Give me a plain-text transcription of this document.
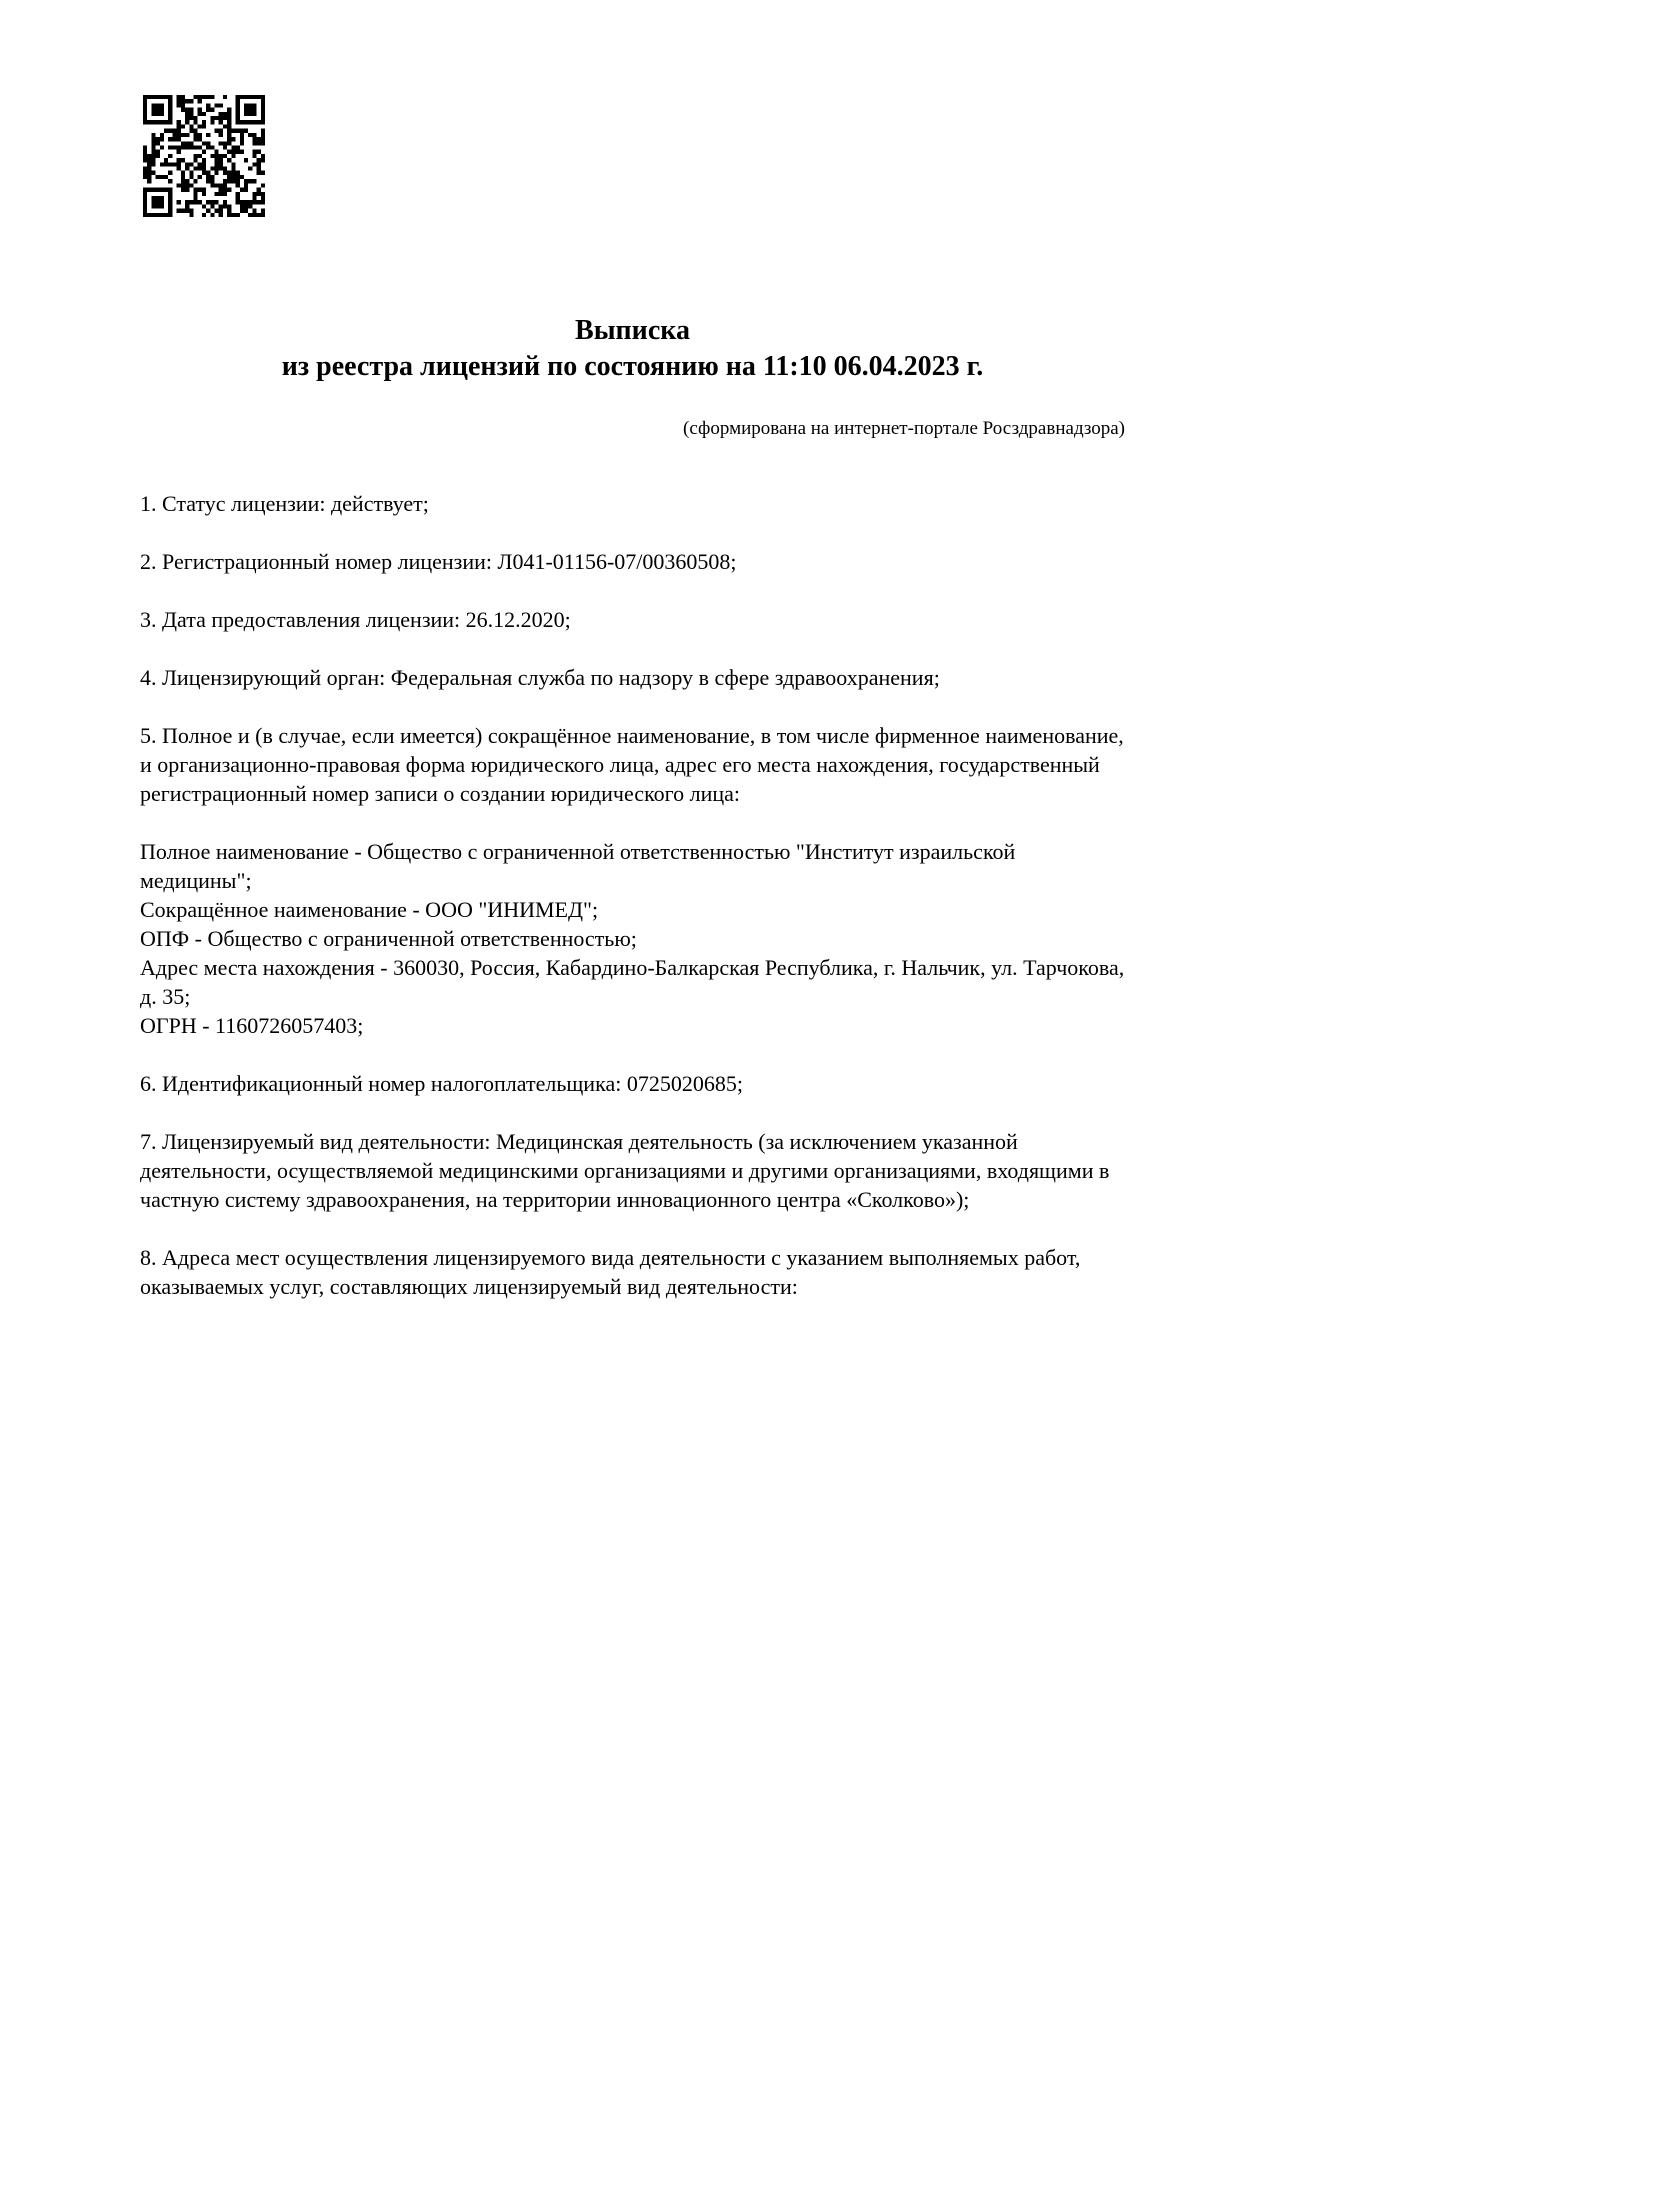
Выписка
из реестра лицензий по состоянию на 11:10 06.04.2023 г.
(сформирована на интернет-портале Росздравнадзора)

1. Статус лицензии: действует;

2. Регистрационный номер лицензии: Л041-01156-07/00360508;

3. Дата предоставления лицензии: 26.12.2020;

4. Лицензирующий орган: Федеральная служба по надзору в сфере здравоохранения;

5. Полное и (в случае, если имеется) сокращённое наименование, в том числе фирменное наименование, и организационно-правовая форма юридического лица, адрес его места нахождения, государственный регистрационный номер записи о создании юридического лица:

Полное наименование - Общество с ограниченной ответственностью "Институт израильской медицины";
Сокращённое наименование - ООО "ИНИМЕД";
ОПФ - Общество с ограниченной ответственностью;
Адрес места нахождения - 360030, Россия, Кабардино-Балкарская Республика, г. Нальчик, ул. Тарчокова, д. 35;
ОГРН - 1160726057403;

6. Идентификационный номер налогоплательщика: 0725020685;

7. Лицензируемый вид деятельности: Медицинская деятельность (за исключением указанной деятельности, осуществляемой медицинскими организациями и другими организациями, входящими в частную систему здравоохранения, на территории инновационного центра «Сколково»);

8. Адреса мест осуществления лицензируемого вида деятельности с указанием выполняемых работ, оказываемых услуг, составляющих лицензируемый вид деятельности:
